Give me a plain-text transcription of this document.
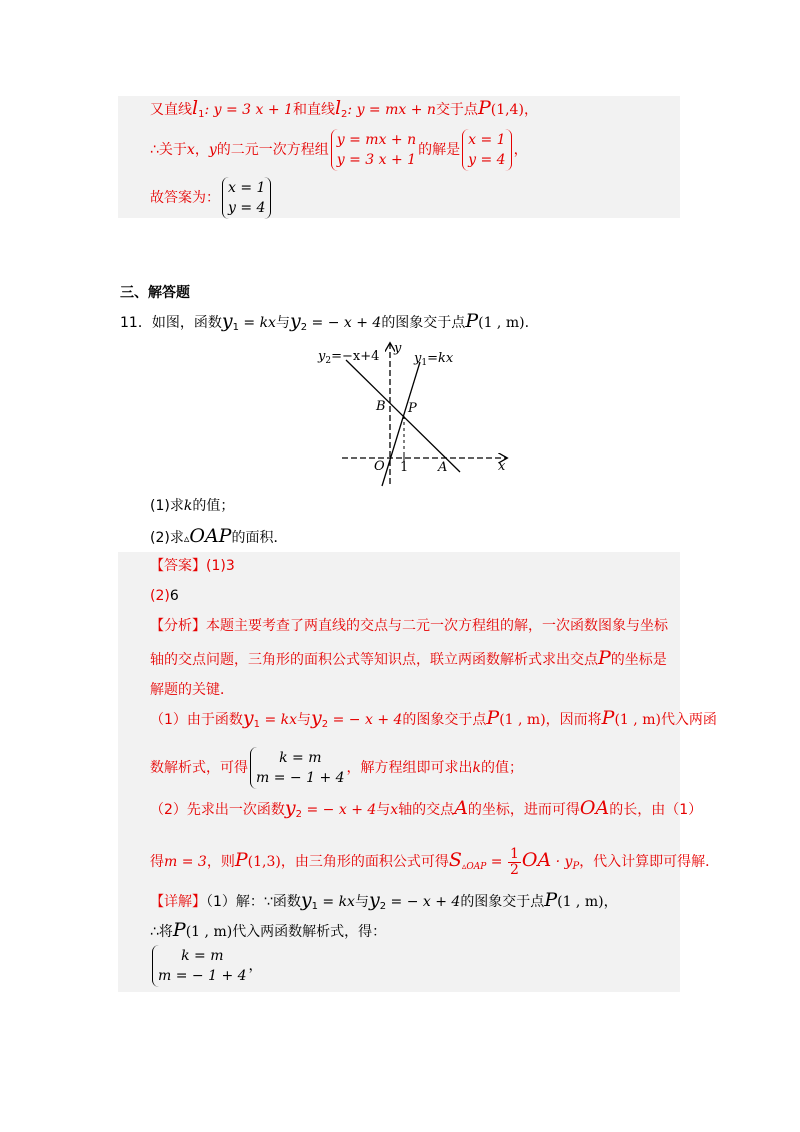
又直线$l_1$: y = 3 x + 1和直线$l_2$: y = mx + n交于点P(1,4)，
∴关于x，y的二元一次方程组
y = mx + n
y = 3 x + 1
的解是
x = 1
y = 4
，
故答案为：
x = 1
y = 4
三、解答题
11．如图，函数$y_1$ = kx与$y_2$ = − x + 4的图象交于点P(1 , m).
$y_2=-x+4$	$y_1=kx$
y
x
B P
O 1 A
(1)求k的值；
(2)求▵OAP的面积．
【答案】(1)3
(2)6
【分析】本题主要考查了两直线的交点与二元一次方程组的解，一次函数图象与坐标
轴的交点问题，三角形的面积公式等知识点，联立两函数解析式求出交点P的坐标是
解题的关键．
（1）由于函数$y_1$ = kx与$y_2$ = − x + 4的图象交于点P(1 , m)，因而将P(1 , m)代入两函
数解析式，可得
k = m
m = − 1 + 4
，解方程组即可求出k的值；
（2）先求出一次函数$y_2$ = − x + 4与x轴的交点A的坐标，进而可得OA的长，由（1）
得m = 3，则P(1,3)，由三角形的面积公式可得$S_{▵OAP} = \frac{1}{2}$ OA · $y_P$，代入计算即可得解．
【详解】（1）解：∵函数$y_1$ = kx与$y_2$ = − x + 4的图象交于点P(1 , m)，
∴将P(1 , m)代入两函数解析式，得：
k = m
m = − 1 + 4
，
